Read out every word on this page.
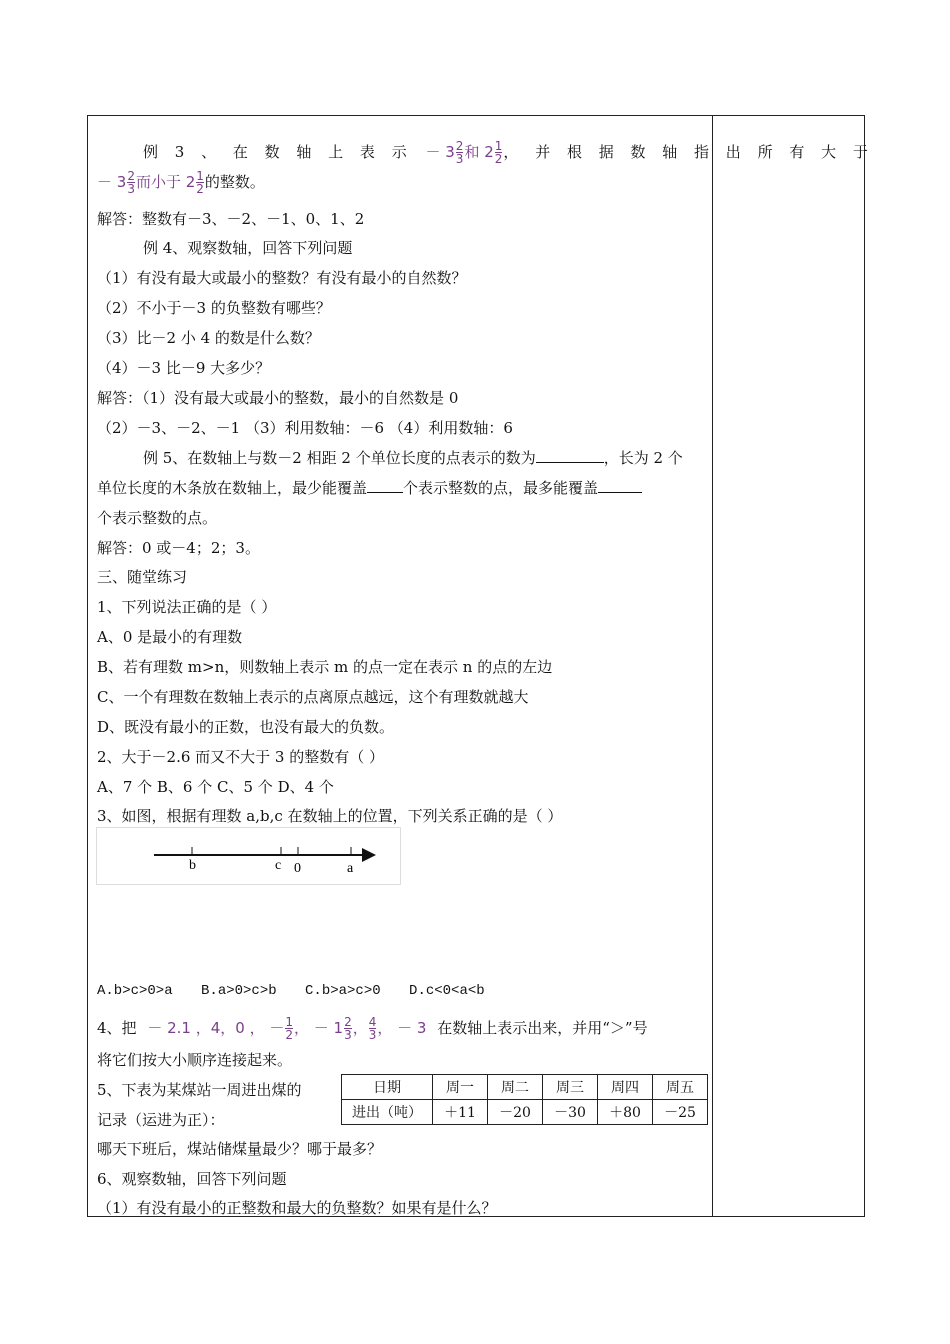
例 3 、 在 数 轴 上 表 示 － $3 \frac{2}{3}$ 和 $2 \frac{1}{2}$ ， 并 根 据 数 轴 指 出 所 有 大 于
－ $3 \frac{2}{3}$ 而小于 $2 \frac{1}{2}$ 的整数。
解答：整数有－3、－2、－1、0、1、2
例 4、观察数轴，回答下列问题
（1）有没有最大或最小的整数？有没有最小的自然数？
（2）不小于－3 的负整数有哪些？
（3）比－2 小 4 的数是什么数？
（4）－3 比－9 大多少？
解答：（1）没有最大或最小的整数，最小的自然数是 0
（2）－3、－2、－1 （3）利用数轴：－6 （4）利用数轴：6
例 5、在数轴上与数－2 相距 2 个单位长度的点表示的数为	，长为 2 个
单位长度的木条放在数轴上，最少能覆盖 个表示整数的点，最多能覆盖
个表示整数的点。
解答：0 或－4；2；3。
三、随堂练习
1、下列说法正确的是（ ）
A、0 是最小的有理数
B、若有理数 m>n，则数轴上表示 m 的点一定在表示 n 的点的左边
C、一个有理数在数轴上表示的点离原点越远，这个有理数就越大
D、既没有最小的正数，也没有最大的负数。
2、大于－2.6 而又不大于 3 的整数有（ ）
A、7 个 B、6 个 C、5 个 D、4 个
3、如图，根据有理数 a,b,c 在数轴上的位置，下列关系正确的是（ ）
b	c 0	a
A.b>c>0>a B.a>0>c>b C.b>a>c>0 D.c<0<a<b
4、把 － 2.1 ，4，0 ， － $\frac{1}{2}$ ， － $1 \frac{2}{3}$ ， $\frac{4}{3}$ ， － 3 在数轴上表示出来，并用“＞”号
将它们按大小顺序连接起来。
5、下表为某煤站一周进出煤的
记录（运进为正）：
日期	周一	周二	周三	周四	周五
进出（吨）	＋11	－20	－30	＋80	－25
哪天下班后，煤站储煤量最少？哪于最多？
6、观察数轴，回答下列问题
（1）有没有最小的正整数和最大的负整数？如果有是什么？
